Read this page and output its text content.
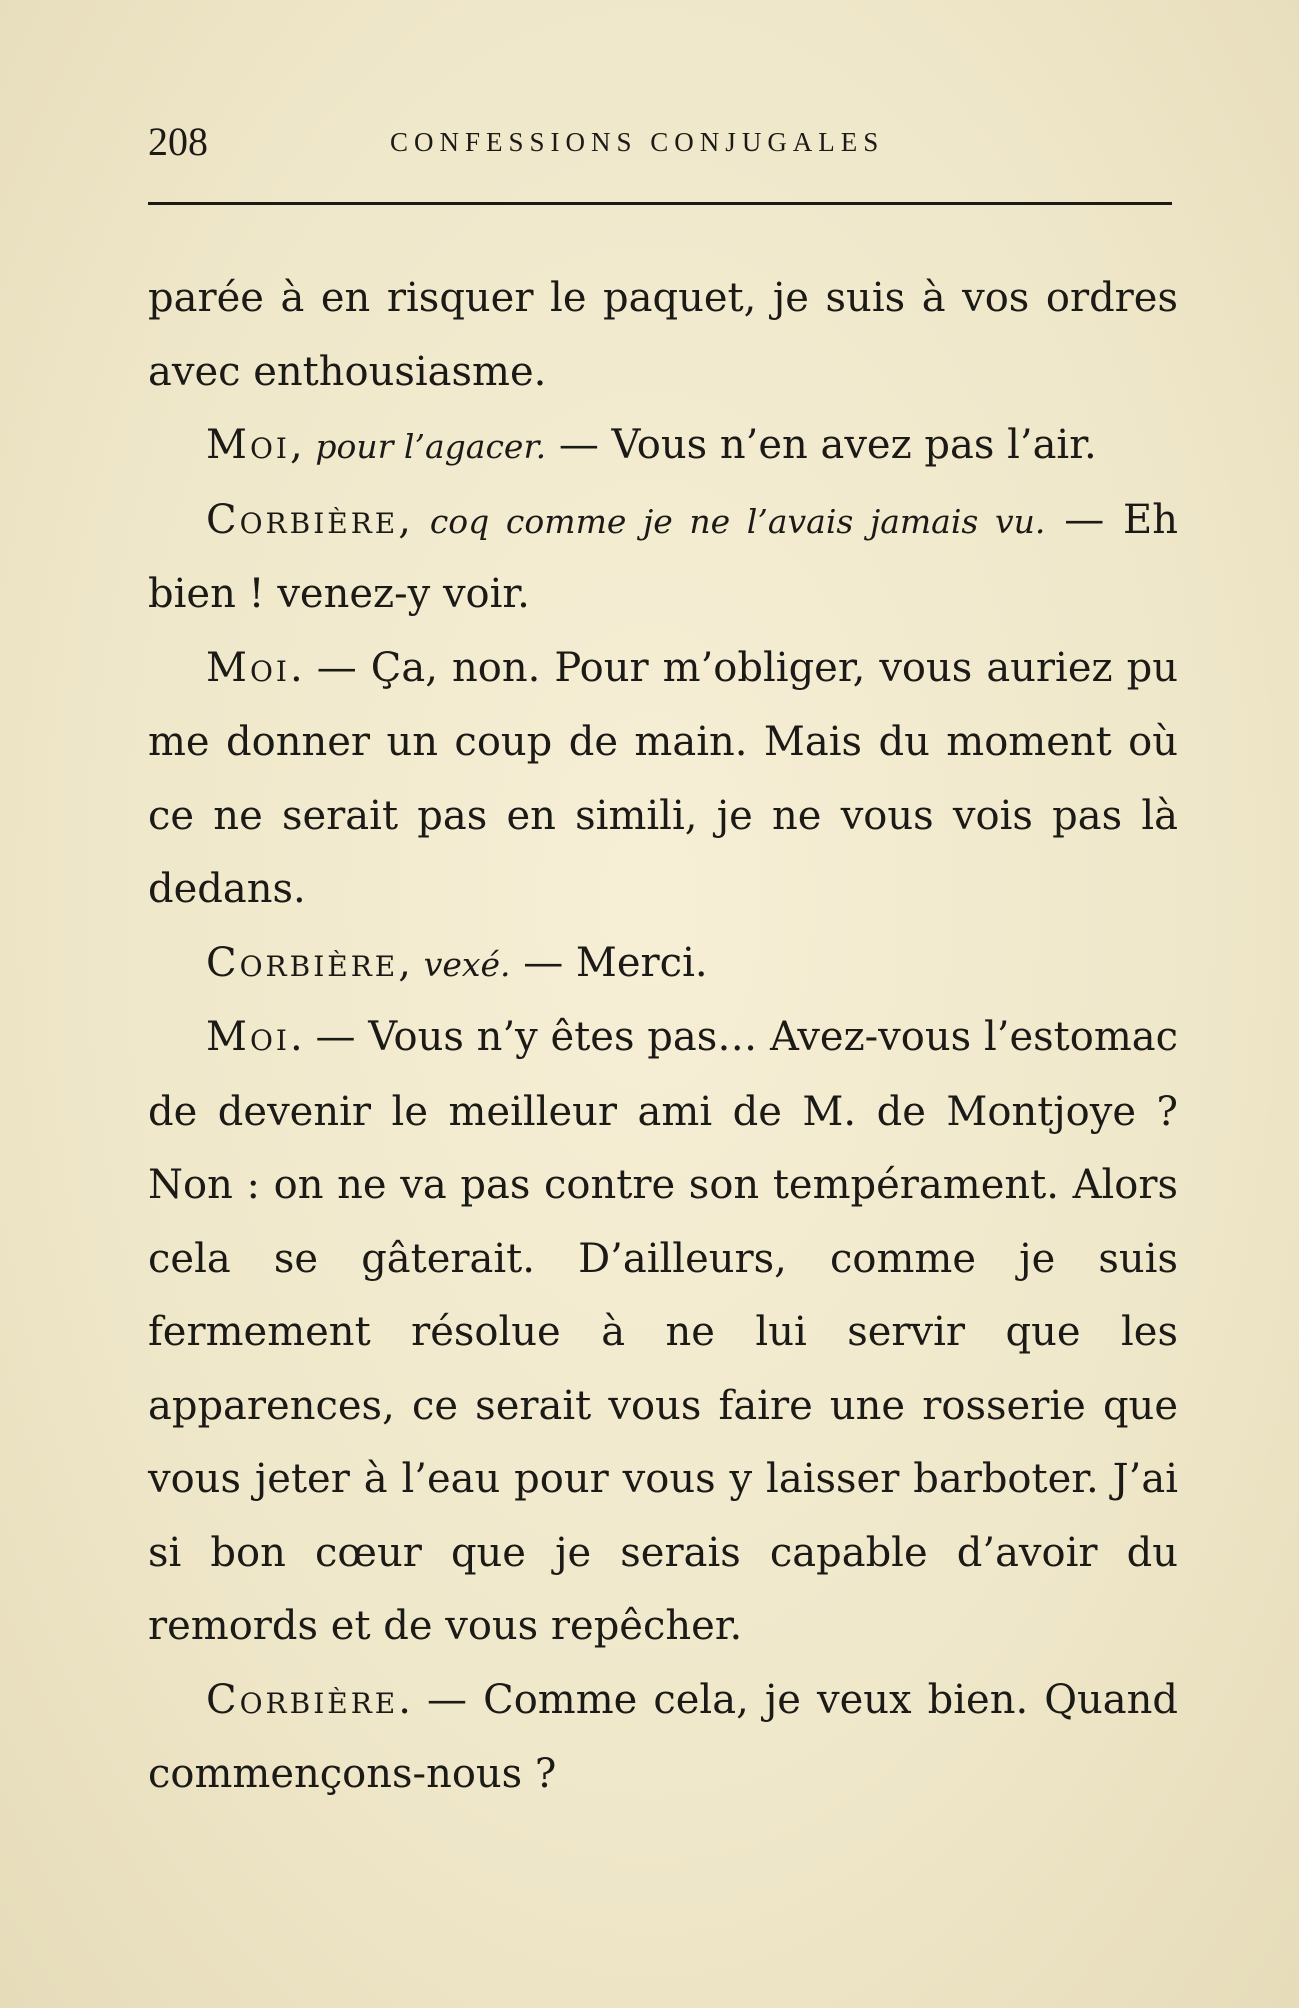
208	CONFESSIONS CONJUGALES

parée à en risquer le paquet, je suis à vos ordres avec enthousiasme.

Moi, pour l’agacer. — Vous n’en avez pas l’air.

Corbière, coq comme je ne l’avais jamais vu. — Eh bien ! venez-y voir.

Moi. — Ça, non. Pour m’obliger, vous auriez pu me donner un coup de main. Mais du moment où ce ne serait pas en simili, je ne vous vois pas là dedans.

Corbière, vexé. — Merci.

Moi. — Vous n’y êtes pas… Avez-vous l’estomac de devenir le meilleur ami de M. de Montjoye ? Non : on ne va pas contre son tempérament. Alors cela se gâterait. D’ailleurs, comme je suis fermement résolue à ne lui servir que les apparences, ce serait vous faire une rosserie que vous jeter à l’eau pour vous y laisser barboter. J’ai si bon cœur que je serais capable d’avoir du remords et de vous repêcher.

Corbière. — Comme cela, je veux bien. Quand commençons-nous ?
